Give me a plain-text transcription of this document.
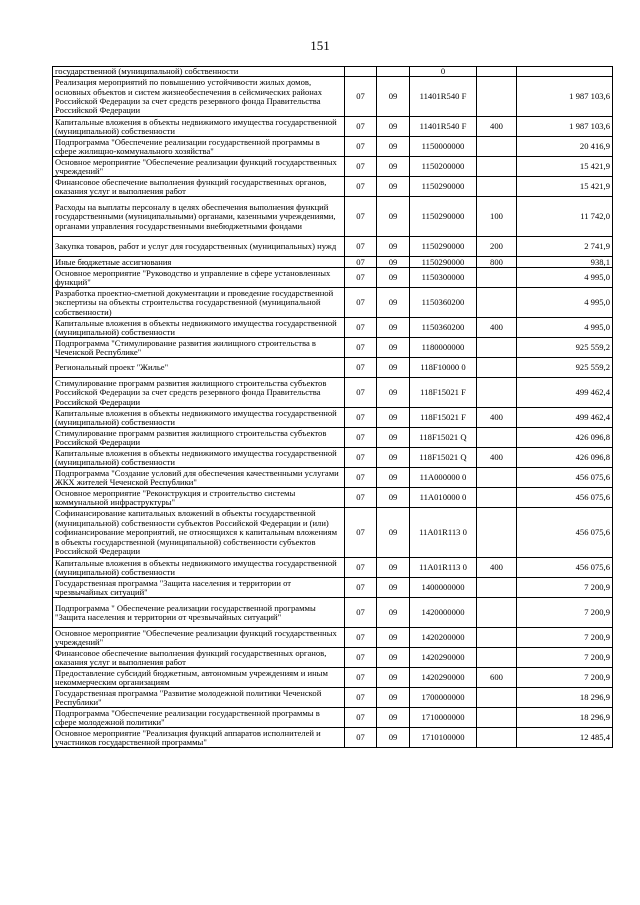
151
государственной (муниципальной) собственности			0		
Реализация мероприятий по повышению устойчивости жилых домов, основных объектов и систем жизнеобеспечения в сейсмических районах Российской Федерации за счет средств резервного фонда Правительства Российской Федерации	07	09	11401R540 F		1 987 103,6
Капитальные вложения в объекты недвижимого имущества государственной (муниципальной) собственности	07	09	11401R540 F	400	1 987 103,6
Подпрограмма "Обеспечение реализации государственной программы в сфере жилищно-коммунального хозяйства"	07	09	1150000000		20 416,9
Основное мероприятие "Обеспечение реализации функций государственных учреждений"	07	09	1150200000		15 421,9
Финансовое обеспечение выполнения функций государственных органов, оказания услуг и выполнения работ	07	09	1150290000		15 421,9
Расходы на выплаты персоналу в целях обеспечения выполнения функций государственными (муниципальными) органами, казенными учреждениями, органами управления государственными внебюджетными фондами	07	09	1150290000	100	11 742,0
Закупка товаров, работ и услуг для государственных (муниципальных) нужд	07	09	1150290000	200	2 741,9
Иные бюджетные ассигнования	07	09	1150290000	800	938,1
Основное мероприятие "Руководство и управление в сфере установленных функций"	07	09	1150300000		4 995,0
Разработка проектно-сметной документации и проведение государственной экспертизы на объекты строительства государственной (муниципальной собственности)	07	09	1150360200		4 995,0
Капитальные вложения в объекты недвижимого имущества государственной (муниципальной) собственности	07	09	1150360200	400	4 995,0
Подпрограмма "Стимулирование развития жилищного строительства в Чеченской Республике"	07	09	1180000000		925 559,2
Региональный проект "Жилье"	07	09	118F10000 0		925 559,2
Стимулирование программ развития жилищного строительства субъектов Российской Федерации за счет средств резервного фонда Правительства Российской Федерации	07	09	118F15021 F		499 462,4
Капитальные вложения в объекты недвижимого имущества государственной (муниципальной) собственности	07	09	118F15021 F	400	499 462,4
Стимулирование программ развития жилищного строительства субъектов Российской Федерации	07	09	118F15021 Q		426 096,8
Капитальные вложения в объекты недвижимого имущества государственной (муниципальной) собственности	07	09	118F15021 Q	400	426 096,8
Подпрограмма "Создание условий для обеспечения качественными услугами ЖКХ жителей Чеченской Республики"	07	09	11А000000 0		456 075,6
Основное мероприятие "Реконструкция и строительство системы коммунальной инфраструктуры"	07	09	11А010000 0		456 075,6
Софинансирование капитальных вложений в объекты государственной (муниципальной) собственности субъектов Российской Федерации и (или) софинансирование мероприятий, не относящихся к капитальным вложениям в объекты государственной (муниципальной) собственности субъектов Российской Федерации	07	09	11А01R113 0		456 075,6
Капитальные вложения в объекты недвижимого имущества государственной (муниципальной) собственности	07	09	11А01R113 0	400	456 075,6
Государственная программа "Защита населения и территории от чрезвычайных ситуаций"	07	09	1400000000		7 200,9
Подпрограмма " Обеспечение реализации государственной программы "Защита населения и территории от чрезвычайных ситуаций"	07	09	1420000000		7 200,9
Основное мероприятие "Обеспечение реализации функций государственных учреждений"	07	09	1420200000		7 200,9
Финансовое обеспечение выполнения функций государственных органов, оказания услуг и выполнения работ	07	09	1420290000		7 200,9
Предоставление субсидий бюджетным, автономным учреждениям и иным некоммерческим организациям	07	09	1420290000	600	7 200,9
Государственная программа "Развитие молодежной политики Чеченской Республики"	07	09	1700000000		18 296,9
Подпрограмма "Обеспечение реализации государственной программы в сфере молодежной политики"	07	09	1710000000		18 296,9
Основное мероприятие "Реализация функций аппаратов исполнителей и участников государственной программы"	07	09	1710100000		12 485,4
